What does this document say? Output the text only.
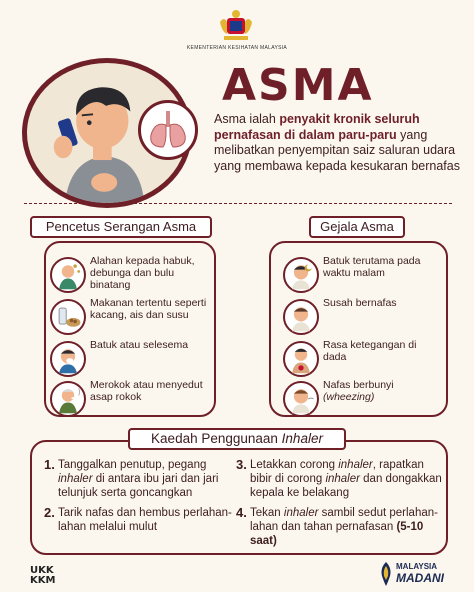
KEMENTERIAN KESIHATAN MALAYSIA
ASMA
Asma ialah penyakit kronik seluruh pernafasan di dalam paru-paru yang melibatkan penyempitan saiz saluran udara yang membawa kepada kesukaran bernafas
Alahan kepada habuk, debunga dan bulu binatang
Makanan tertentu seperti kacang, ais dan susu
Batuk atau selesema
Merokok atau menyedut asap rokok
Pencetus Serangan Asma
Batuk terutama pada waktu malam
Susah bernafas
Rasa ketegangan di dada
Nafas berbunyi
(wheezing)
Gejala Asma
1. Tanggalkan penutup, pegang inhaler di antara ibu jari dan jari telunjuk serta goncangkan
2. Tarik nafas dan hembus perlahan-lahan melalui mulut
3. Letakkan corong inhaler, rapatkan bibir di corong inhaler dan dongakkan kepala ke belakang
4. Tekan inhaler sambil sedut perlahan-lahan dan tahan pernafasan (5-10 saat)
Kaedah Penggunaan Inhaler
UKK
KKM
MALAYSIA
MADANI
